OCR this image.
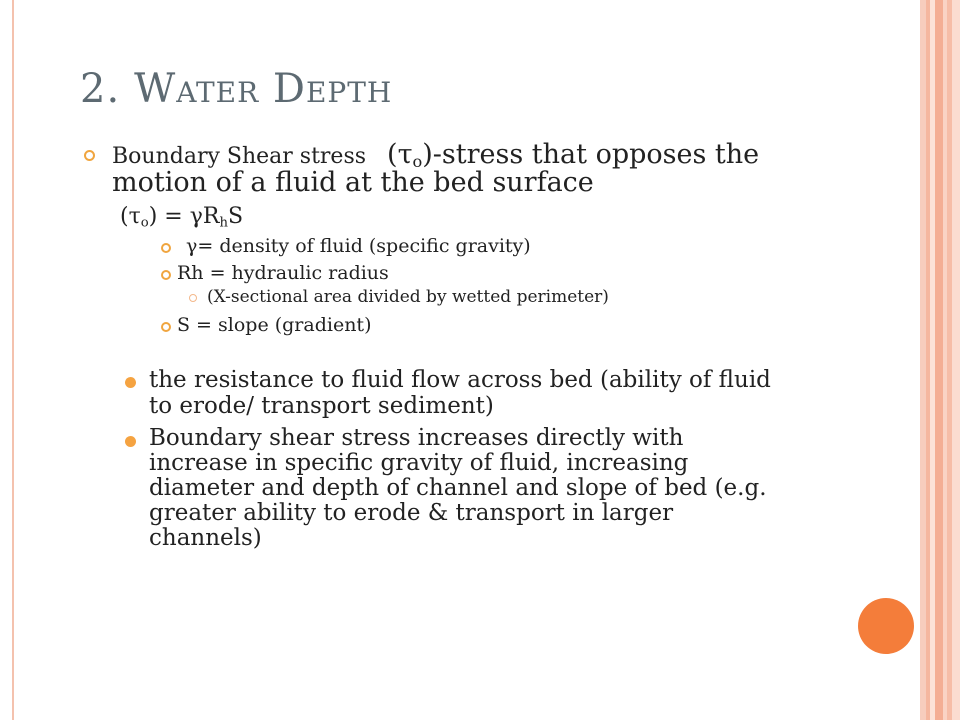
2. Water Depth
Boundary Shear stress $(\tau_o)$-stress that opposes the
motion of a fluid at the bed surface
$(\tau_o) = \gamma R_hS$
γ= density of fluid (specific gravity)
Rh = hydraulic radius
(X-sectional area divided by wetted perimeter)
S = slope (gradient)
the resistance to fluid flow across bed (ability of fluid
to erode/ transport sediment)
Boundary shear stress increases directly with
increase in specific gravity of fluid, increasing
diameter and depth of channel and slope of bed (e.g.
greater ability to erode & transport in larger
channels)
